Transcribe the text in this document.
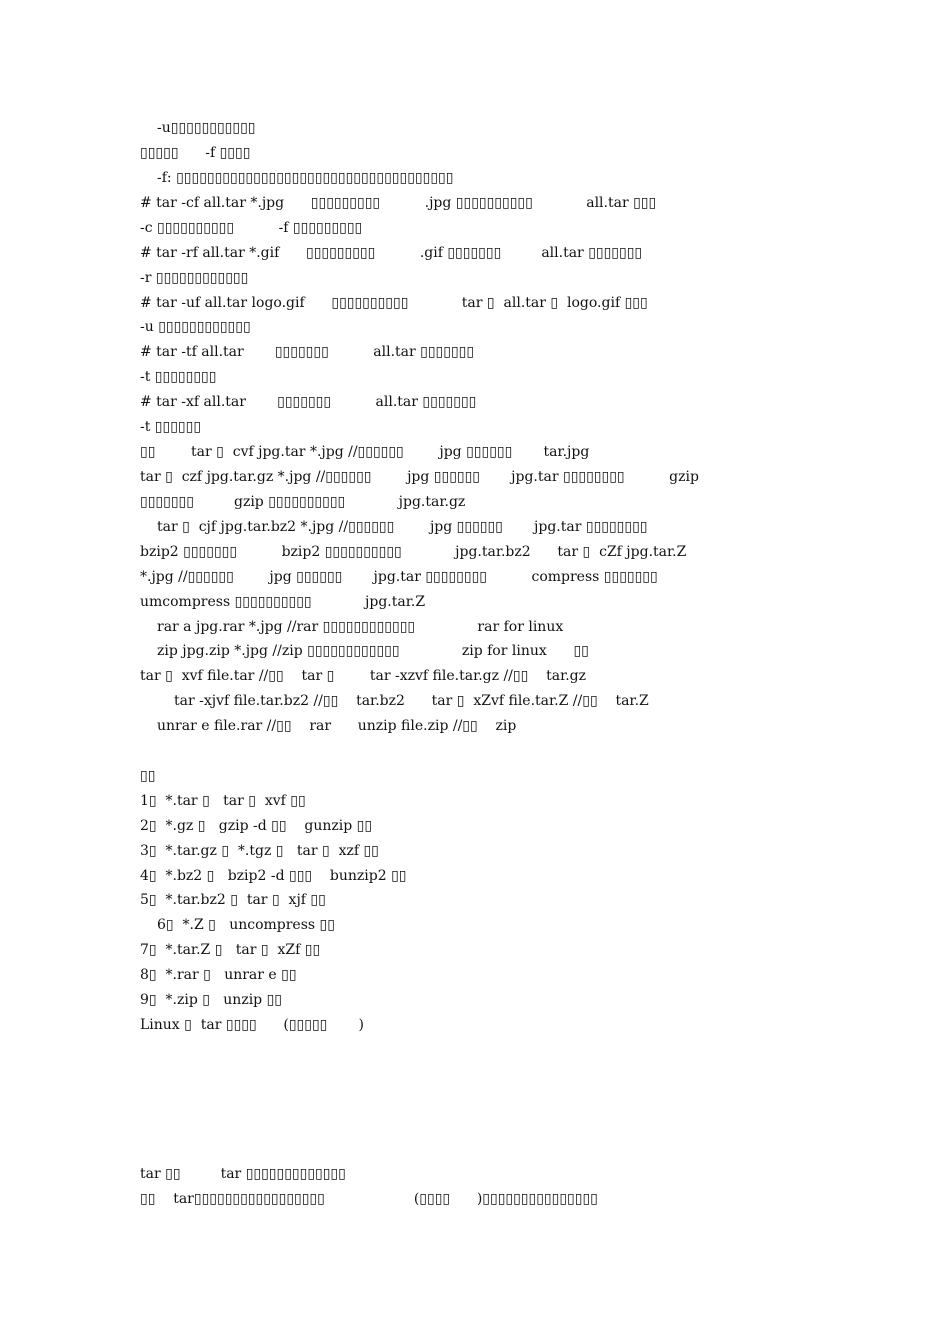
-u▯▯▯▯▯▯▯▯▯▯▯
▯▯▯▯▯      -f ▯▯▯▯
-f: ▯▯▯▯▯▯▯▯▯▯▯▯▯▯▯▯▯▯▯▯▯▯▯▯▯▯▯▯▯▯▯▯▯▯▯▯
# tar -cf all.tar *.jpg      ▯▯▯▯▯▯▯▯▯          .jpg ▯▯▯▯▯▯▯▯▯▯            all.tar ▯▯▯
-c ▯▯▯▯▯▯▯▯▯▯          -f ▯▯▯▯▯▯▯▯▯
# tar -rf all.tar *.gif      ▯▯▯▯▯▯▯▯▯          .gif ▯▯▯▯▯▯▯         all.tar ▯▯▯▯▯▯▯
-r ▯▯▯▯▯▯▯▯▯▯▯▯
# tar -uf all.tar logo.gif      ▯▯▯▯▯▯▯▯▯▯            tar ▯  all.tar ▯  logo.gif ▯▯▯
-u ▯▯▯▯▯▯▯▯▯▯▯▯
# tar -tf all.tar       ▯▯▯▯▯▯▯          all.tar ▯▯▯▯▯▯▯
-t ▯▯▯▯▯▯▯▯
# tar -xf all.tar       ▯▯▯▯▯▯▯          all.tar ▯▯▯▯▯▯▯
-t ▯▯▯▯▯▯
▯▯        tar ▯  cvf jpg.tar *.jpg //▯▯▯▯▯▯        jpg ▯▯▯▯▯▯       tar.jpg
tar ▯  czf jpg.tar.gz *.jpg //▯▯▯▯▯▯        jpg ▯▯▯▯▯▯       jpg.tar ▯▯▯▯▯▯▯▯          gzip
▯▯▯▯▯▯▯         gzip ▯▯▯▯▯▯▯▯▯▯            jpg.tar.gz
tar ▯  cjf jpg.tar.bz2 *.jpg //▯▯▯▯▯▯        jpg ▯▯▯▯▯▯       jpg.tar ▯▯▯▯▯▯▯▯
bzip2 ▯▯▯▯▯▯▯          bzip2 ▯▯▯▯▯▯▯▯▯▯            jpg.tar.bz2      tar ▯  cZf jpg.tar.Z
*.jpg //▯▯▯▯▯▯        jpg ▯▯▯▯▯▯       jpg.tar ▯▯▯▯▯▯▯▯          compress ▯▯▯▯▯▯▯
umcompress ▯▯▯▯▯▯▯▯▯▯            jpg.tar.Z
rar a jpg.rar *.jpg //rar ▯▯▯▯▯▯▯▯▯▯▯▯              rar for linux
zip jpg.zip *.jpg //zip ▯▯▯▯▯▯▯▯▯▯▯▯              zip for linux      ▯▯
tar ▯  xvf file.tar //▯▯    tar ▯        tar -xzvf file.tar.gz //▯▯    tar.gz
tar -xjvf file.tar.bz2 //▯▯    tar.bz2      tar ▯  xZvf file.tar.Z //▯▯    tar.Z
unrar e file.rar //▯▯    rar      unzip file.zip //▯▯    zip
▯▯
1▯  *.tar ▯   tar ▯  xvf ▯▯
2▯  *.gz ▯   gzip -d ▯▯    gunzip ▯▯
3▯  *.tar.gz ▯  *.tgz ▯   tar ▯  xzf ▯▯
4▯  *.bz2 ▯   bzip2 -d ▯▯▯    bunzip2 ▯▯
5▯  *.tar.bz2 ▯  tar ▯  xjf ▯▯
6▯  *.Z ▯   uncompress ▯▯
7▯  *.tar.Z ▯   tar ▯  xZf ▯▯
8▯  *.rar ▯   unrar e ▯▯
9▯  *.zip ▯   unzip ▯▯
Linux ▯  tar ▯▯▯▯      (▯▯▯▯▯       )
tar ▯▯         tar ▯▯▯▯▯▯▯▯▯▯▯▯▯
▯▯    tar▯▯▯▯▯▯▯▯▯▯▯▯▯▯▯▯▯                    (▯▯▯▯      )▯▯▯▯▯▯▯▯▯▯▯▯▯▯▯
